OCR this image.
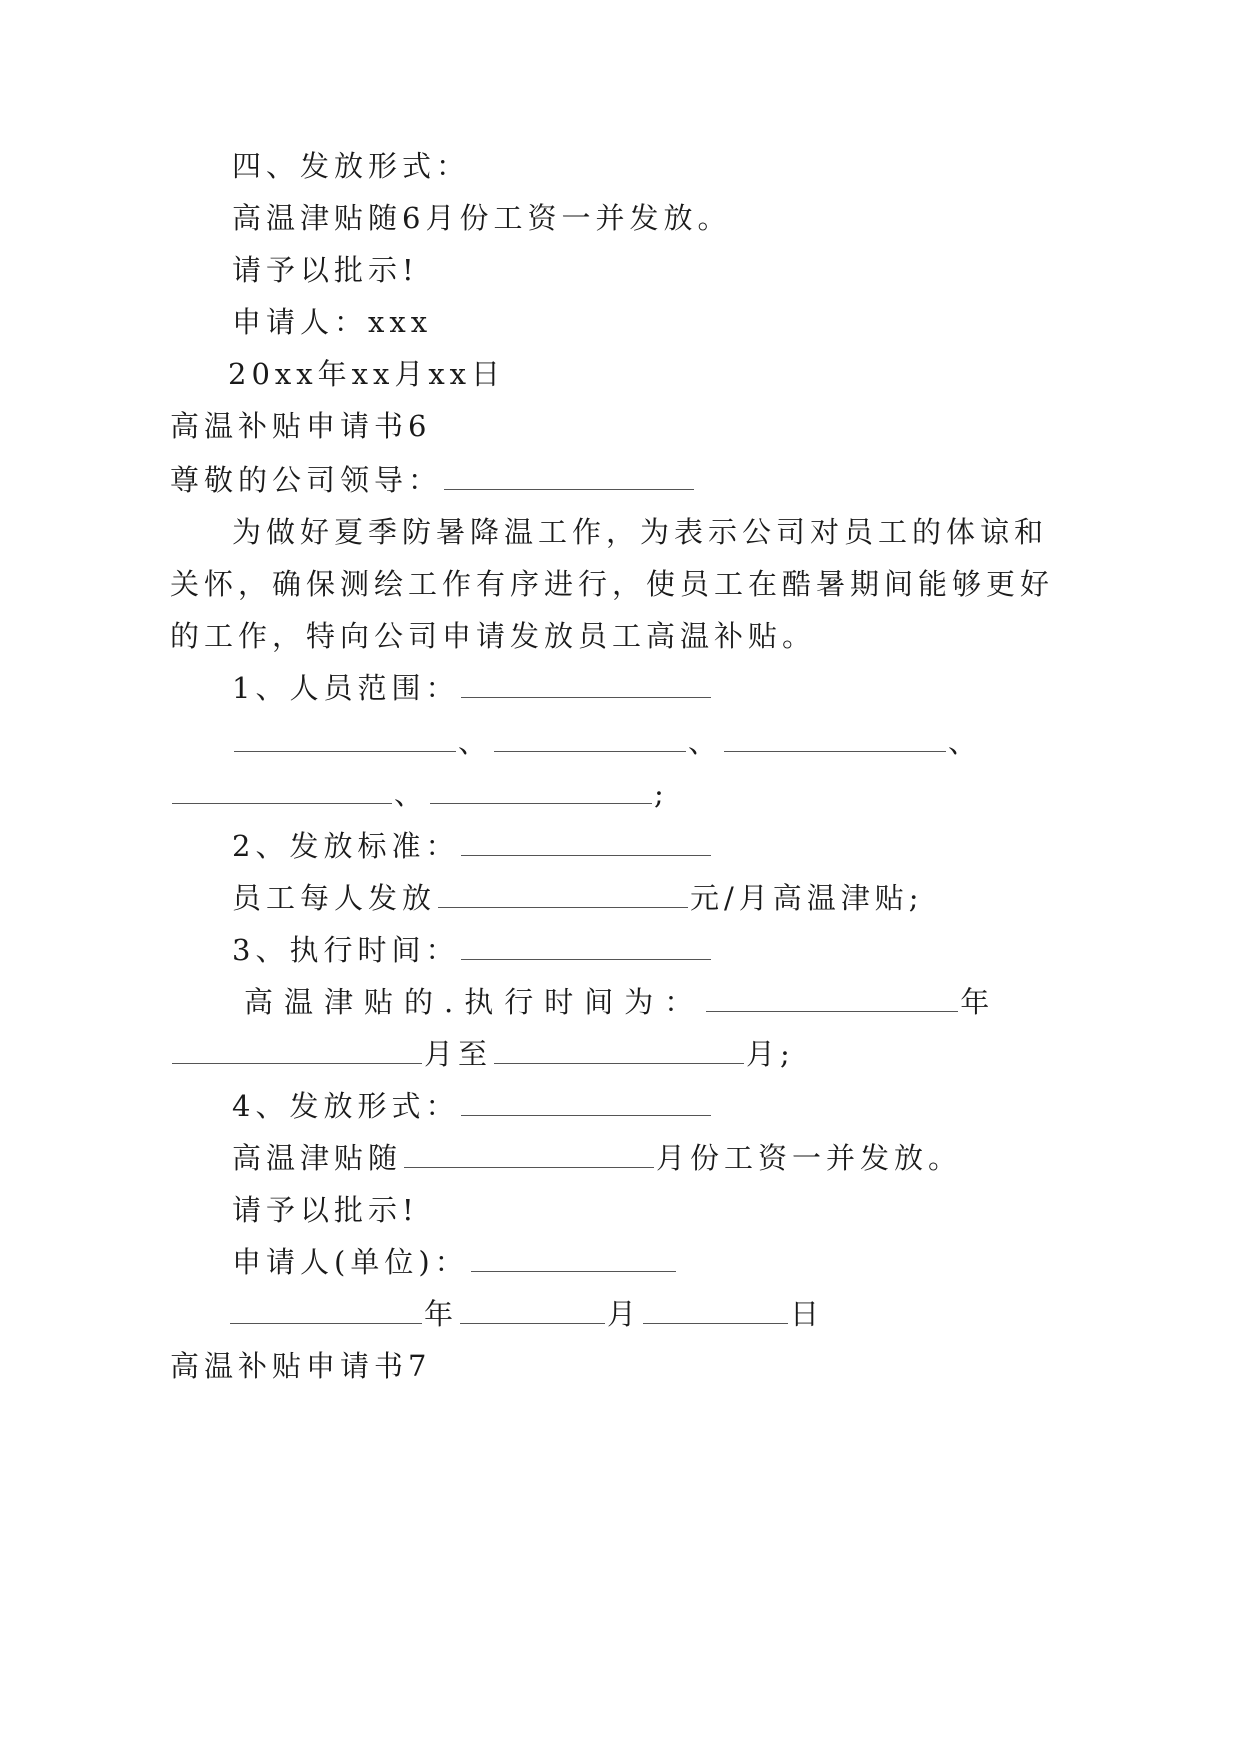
四、发放形式：
高温津贴随6月份工资一并发放。
请予以批示!
申请人：xxx
20xx年xx月xx日
高温补贴申请书6
尊敬的公司领导：
为做好夏季防暑降温工作，为表示公司对员工的体谅和
关怀，确保测绘工作有序进行，使员工在酷暑期间能够更好
的工作，特向公司申请发放员工高温补贴。
1、人员范围：
、	、	、
、	;
2、发放标准：
员工每人发放	元/月高温津贴;
3、执行时间：
高温津贴的.执行时间为：	年
月至	月;
4、发放形式：
高温津贴随	月份工资一并发放。
请予以批示!
申请人(单位)：
年	月	日
高温补贴申请书7
